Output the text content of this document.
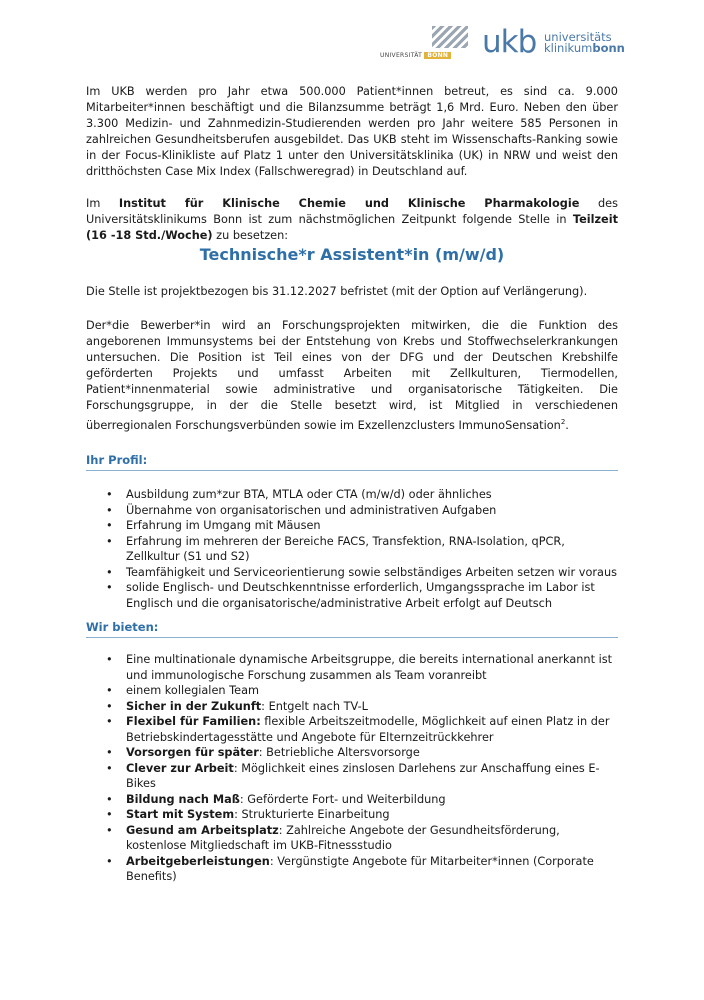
UNIVERSITÄT BONN ukb universitäts
klinikumbonn

Im UKB werden pro Jahr etwa 500.000 Patient*innen betreut, es sind ca. 9.000 Mitarbeiter*innen beschäftigt und die Bilanzsumme beträgt 1,6 Mrd. Euro. Neben den über 3.300 Medizin- und Zahnmedizin-Studierenden werden pro Jahr weitere 585 Personen in zahlreichen Gesundheitsberufen ausgebildet. Das UKB steht im Wissenschafts-Ranking sowie in der Focus-Klinikliste auf Platz 1 unter den Universitätsklinika (UK) in NRW und weist den dritthöchsten Case Mix Index (Fallschweregrad) in Deutschland auf.

Im Institut für Klinische Chemie und Klinische Pharmakologie des Universitätsklinikums Bonn ist zum nächstmöglichen Zeitpunkt folgende Stelle in Teilzeit (16 -18 Std./Woche) zu besetzen:

Technische*r Assistent*in (m/w/d)

Die Stelle ist projektbezogen bis 31.12.2027 befristet (mit der Option auf Verlängerung).

Der*die Bewerber*in wird an Forschungsprojekten mitwirken, die die Funktion des angeborenen Immunsystems bei der Entstehung von Krebs und Stoffwechselerkrankungen untersuchen. Die Position ist Teil eines von der DFG und der Deutschen Krebshilfe geförderten Projekts und umfasst Arbeiten mit Zellkulturen, Tiermodellen, Patient*innenmaterial sowie administrative und organisatorische Tätigkeiten. Die Forschungsgruppe, in der die Stelle besetzt wird, ist Mitglied in verschiedenen überregionalen Forschungsverbünden sowie im Exzellenzclusters ImmunoSensation$^2$.

Ihr Profil:
• Ausbildung zum*zur BTA, MTLA oder CTA (m/w/d) oder ähnliches
• Übernahme von organisatorischen und administrativen Aufgaben
• Erfahrung im Umgang mit Mäusen
• Erfahrung im mehreren der Bereiche FACS, Transfektion, RNA-Isolation, qPCR, Zellkultur (S1 und S2)
• Teamfähigkeit und Serviceorientierung sowie selbständiges Arbeiten setzen wir voraus
• solide Englisch- und Deutschkenntnisse erforderlich, Umgangssprache im Labor ist Englisch und die organisatorische/administrative Arbeit erfolgt auf Deutsch
Wir bieten:
• Eine multinationale dynamische Arbeitsgruppe, die bereits international anerkannt ist und immunologische Forschung zusammen als Team voranreibt
• einem kollegialen Team
• Sicher in der Zukunft: Entgelt nach TV-L
• Flexibel für Familien: flexible Arbeitszeitmodelle, Möglichkeit auf einen Platz in der Betriebskindertagesstätte und Angebote für Elternzeitrückkehrer
• Vorsorgen für später: Betriebliche Altersvorsorge
• Clever zur Arbeit: Möglichkeit eines zinslosen Darlehens zur Anschaffung eines E-Bikes
• Bildung nach Maß: Geförderte Fort- und Weiterbildung
• Start mit System: Strukturierte Einarbeitung
• Gesund am Arbeitsplatz: Zahlreiche Angebote der Gesundheitsförderung, kostenlose Mitgliedschaft im UKB-Fitnessstudio
• Arbeitgeberleistungen: Vergünstigte Angebote für Mitarbeiter*innen (Corporate Benefits)
